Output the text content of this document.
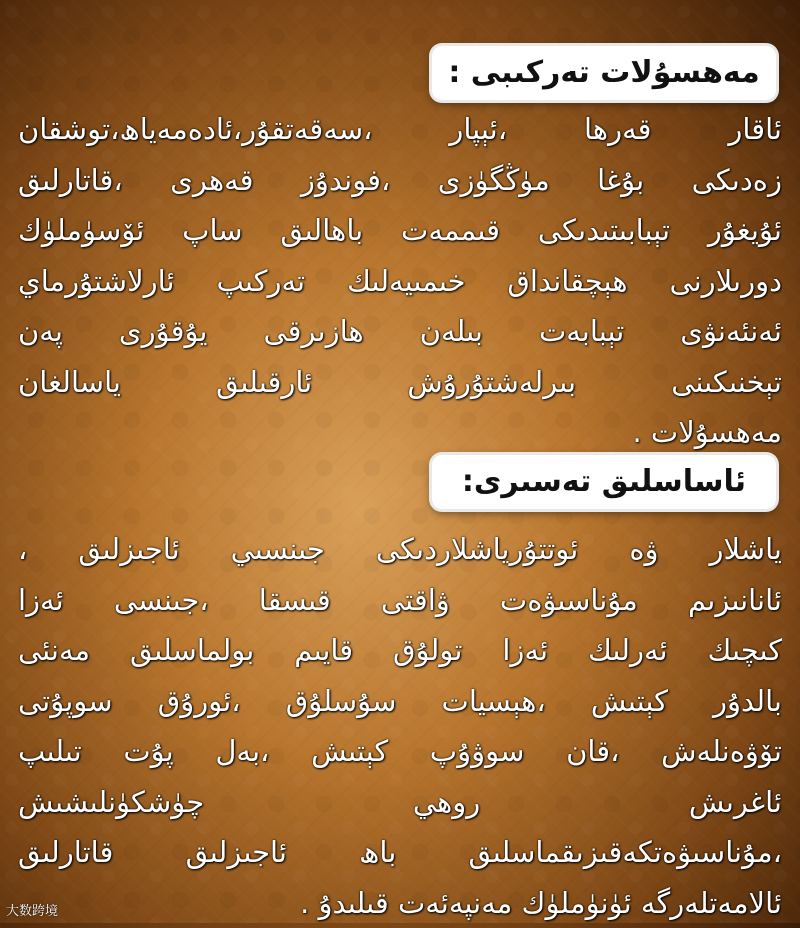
مەھسۇلات تەركىبى :
ئاقار قەرھا ،ئېپار ،سەقەتقۇر،ئادەمەياھ،توشقان
زەدىكى بۇغا مۈڭگۈزى ،فوندۇز قەھرى ،قاتارلىق
ئۇيغۇر تېبابىتىدىكى قىممەت باھالىق ساپ ئۆسۈملۈك
دورىلارنى ھېچقانداق خىمىيەلىك تەركىپ ئارلاشتۇرماي
ئەنئەنۋى تېبابەت بىلەن ھازىرقى يۇقۇرى پەن
تېخنىكىنى بىرلەشتۇرۇش ئارقىلىق ياسالغان
مەھسۇلات .
ئاساسلىق تەسىرى:
ياشلار ۋە ئوتتۇرياشلاردىكى جىنسىي ئاجىزلىق ،
ئانانىزىم مۇناسىۋەت ۋاقتى قىسقا ،جىنسى ئەزا
كىچىك ئەرلىك ئەزا تولۇق قايىم بولماسلىق مەنئى
بالدۇر كېتىش ،ھېسيات سۇسلۇق ،ئورۇق سوپۇتى
تۆۋەنلەش ،قان سوۋۇپ كېتىش ،بەل پۇت تىلىپ
ئاغرىش روھي چۈشكۈنلىشىش
،مۇناسىۋەتكەقىزىقماسلىق باھ ئاجىزلىق قاتارلىق
ئالامەتلەرگە ئۈنۈملۈك مەنپەئەت قىلىدۇ .
大数跨境
